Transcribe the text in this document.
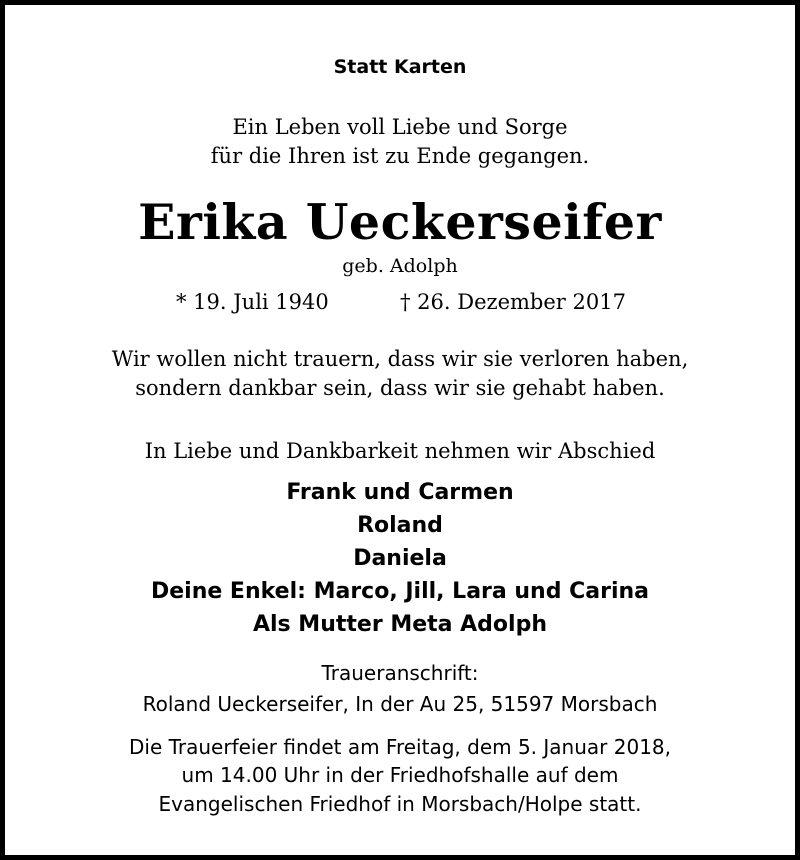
Statt Karten
Ein Leben voll Liebe und Sorge
für die Ihren ist zu Ende gegangen.
Erika Ueckerseifer
geb. Adolph
* 19. Juli 1940	† 26. Dezember 2017
Wir wollen nicht trauern, dass wir sie verloren haben,
sondern dankbar sein, dass wir sie gehabt haben.
In Liebe und Dankbarkeit nehmen wir Abschied
Frank und Carmen
Roland
Daniela
Deine Enkel: Marco, Jill, Lara und Carina
Als Mutter Meta Adolph
Traueranschrift:
Roland Ueckerseifer, In der Au 25, 51597 Morsbach
Die Trauerfeier findet am Freitag, dem 5. Januar 2018,
um 14.00 Uhr in der Friedhofshalle auf dem
Evangelischen Friedhof in Morsbach/Holpe statt.
